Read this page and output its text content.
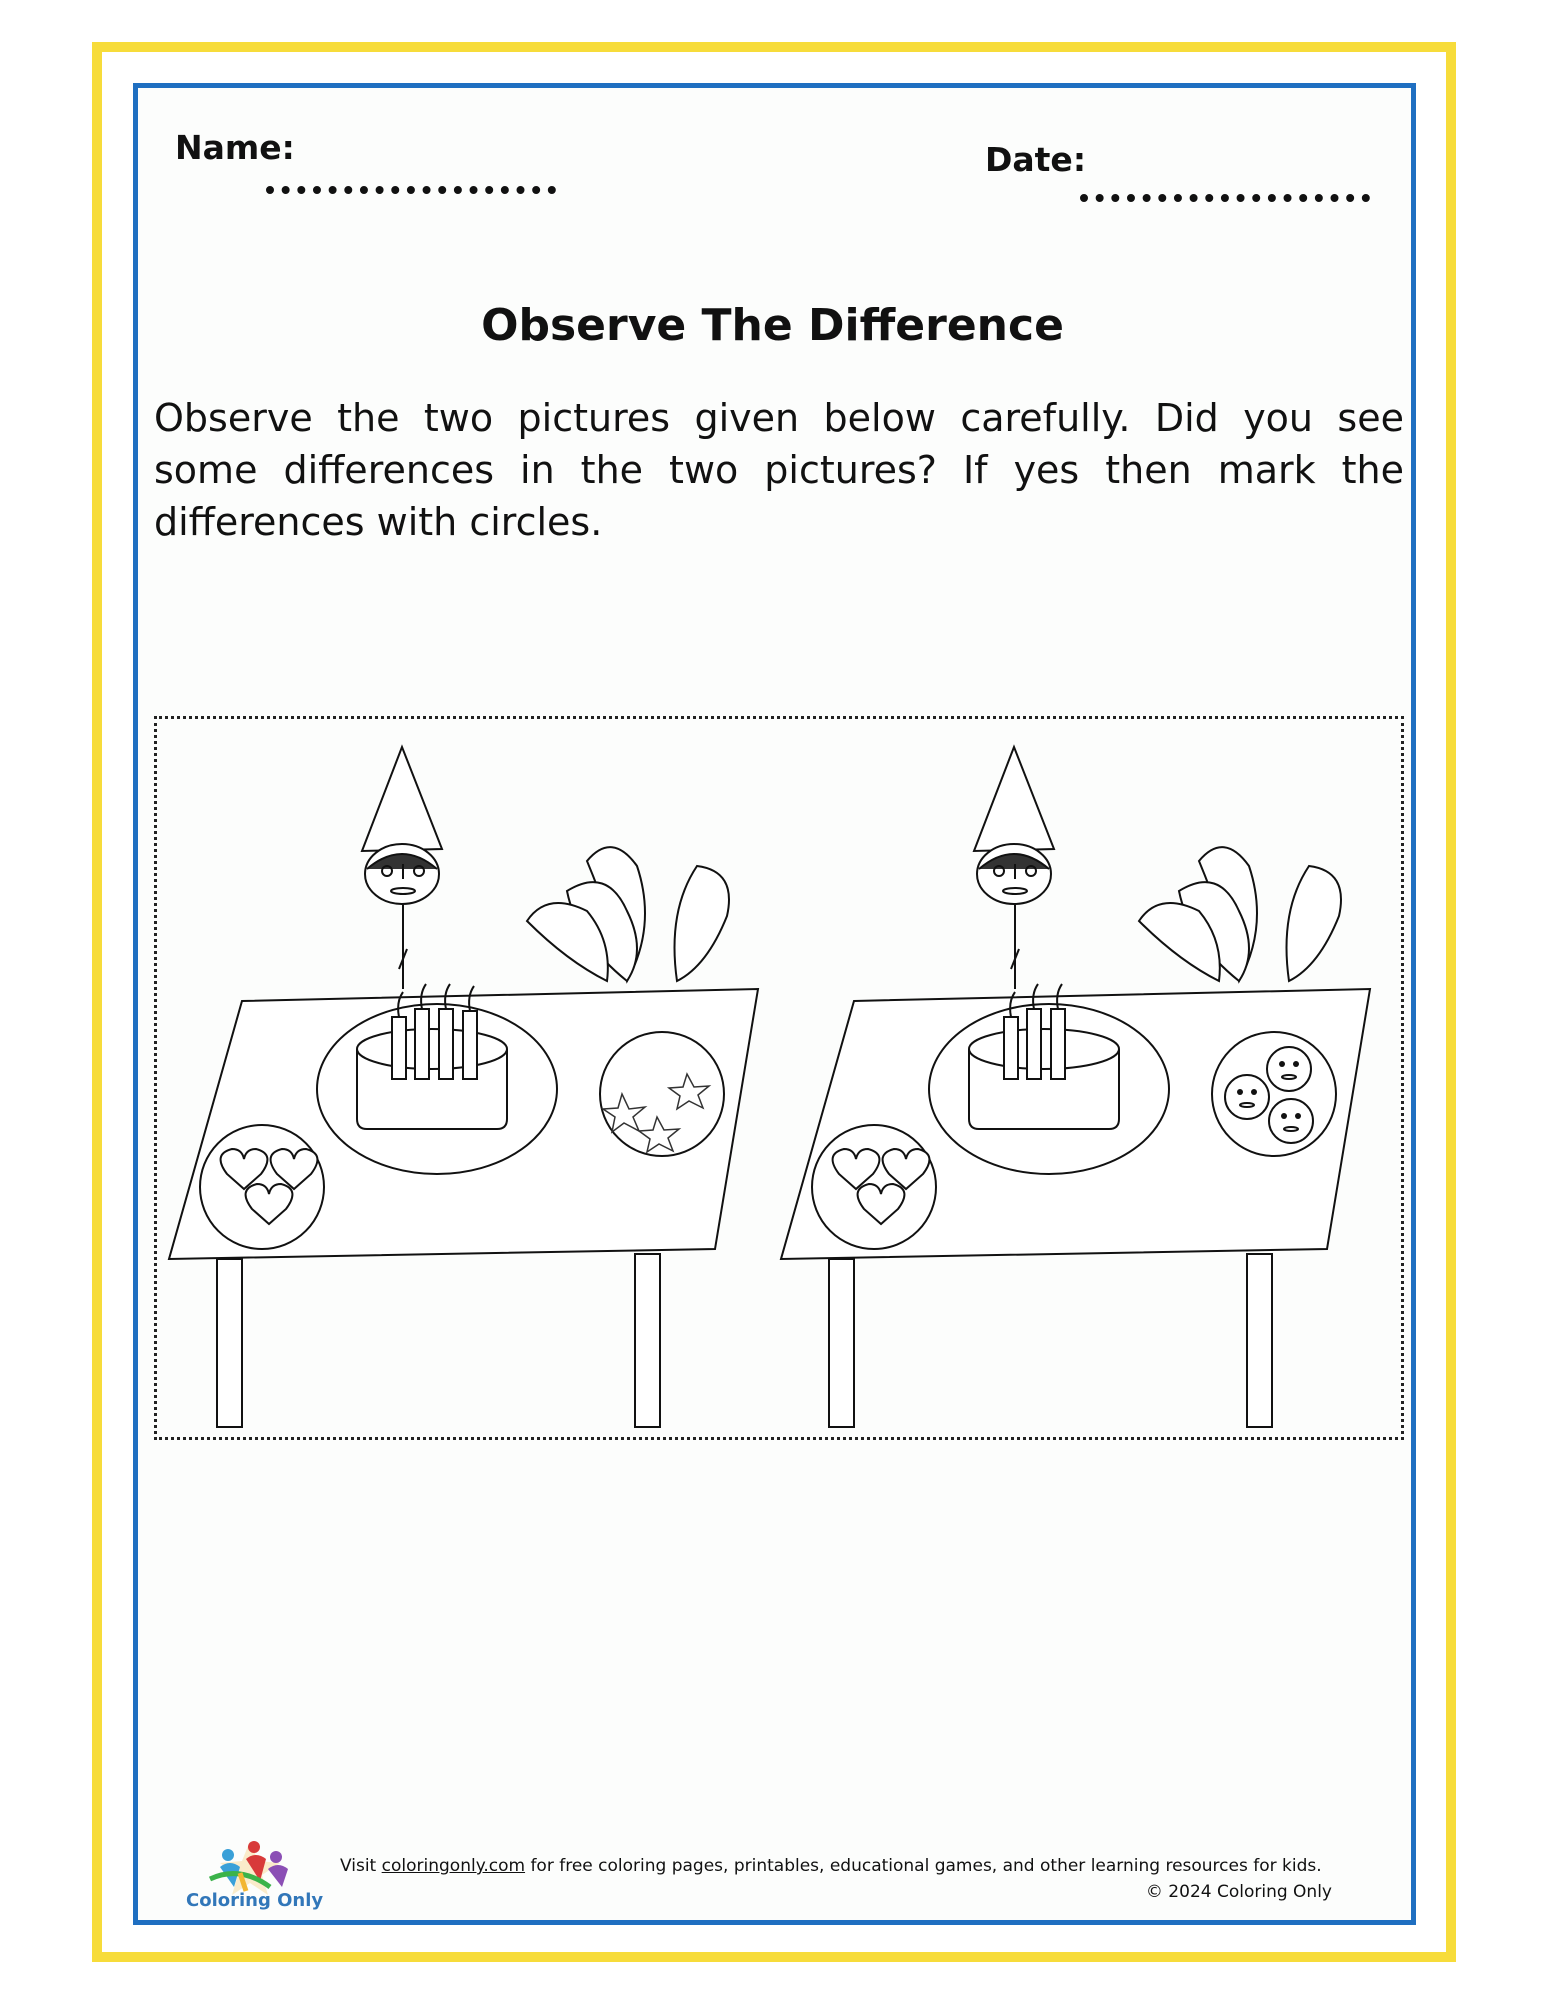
Name:	Date:
Observe The Difference
Observe the two pictures given below carefully. Did you see some differences in the two pictures? If yes then mark the differences with circles.
Coloring Only
Visit coloringonly.com for free coloring pages, printables, educational games, and other learning resources for kids.
© 2024 Coloring Only
